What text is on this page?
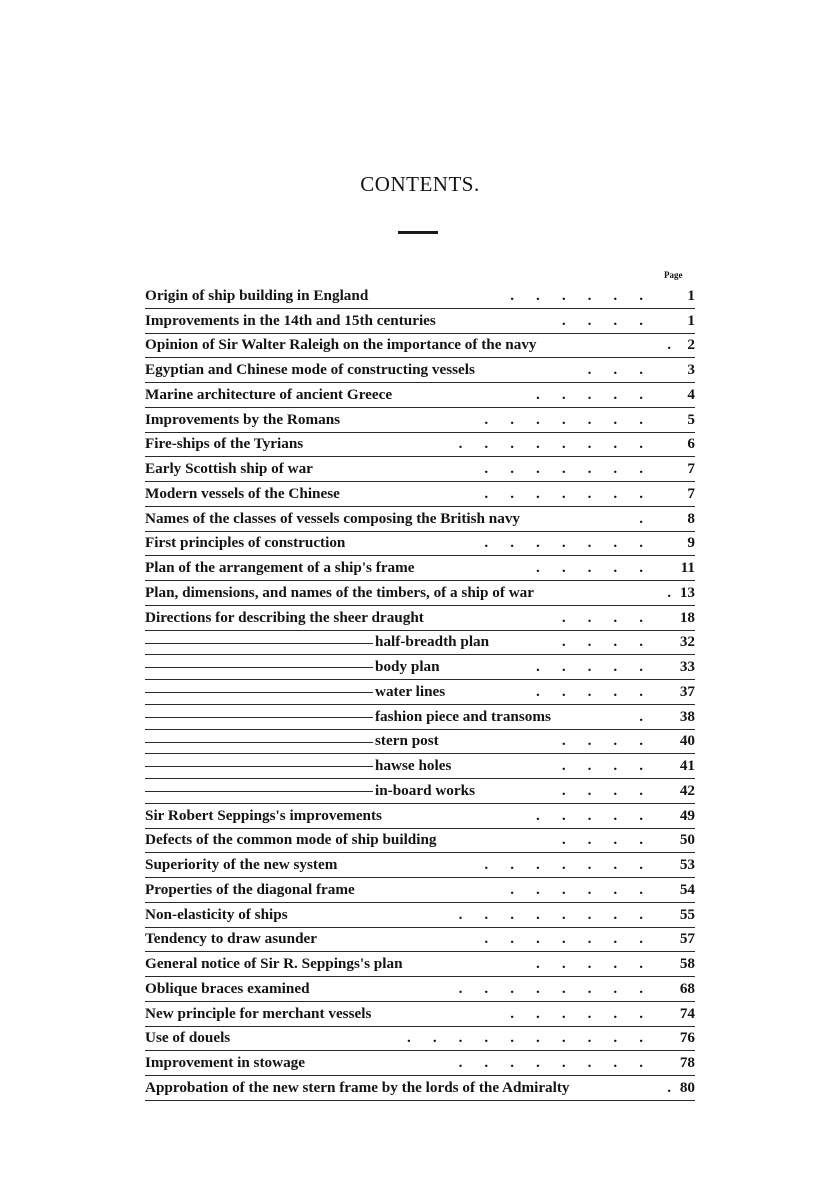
CONTENTS.
Page
Origin of ship building in England	......	1
Improvements in the 14th and 15th centuries	....	1
Opinion of Sir Walter Raleigh on the importance of the navy	.	2
Egyptian and Chinese mode of constructing vessels	...	3
Marine architecture of ancient Greece	.....	4
Improvements by the Romans	.......	5
Fire-ships of the Tyrians	........	6
Early Scottish ship of war	.......	7
Modern vessels of the Chinese	.......	7
Names of the classes of vessels composing the British navy	.	8
First principles of construction	.......	9
Plan of the arrangement of a ship's frame	.....	11
Plan, dimensions, and names of the timbers, of a ship of war	. 13
Directions for describing the sheer draught	.... 18
half-breadth plan	.... 32
body plan	..... 33
water lines	..... 37
fashion piece and transoms	. 38
stern post	.... 40
hawse holes	.... 41
in-board works	.... 42
Sir Robert Seppings's improvements	..... 49
Defects of the common mode of ship building	.... 50
Superiority of the new system	....... 53
Properties of the diagonal frame	...... 54
Non-elasticity of ships	........ 55
Tendency to draw asunder	....... 57
General notice of Sir R. Seppings's plan	..... 58
Oblique braces examined	........ 68
New principle for merchant vessels	...... 74
Use of douels	.......... 76
Improvement in stowage	........ 78
Approbation of the new stern frame by the lords of the Admiralty	. 80
